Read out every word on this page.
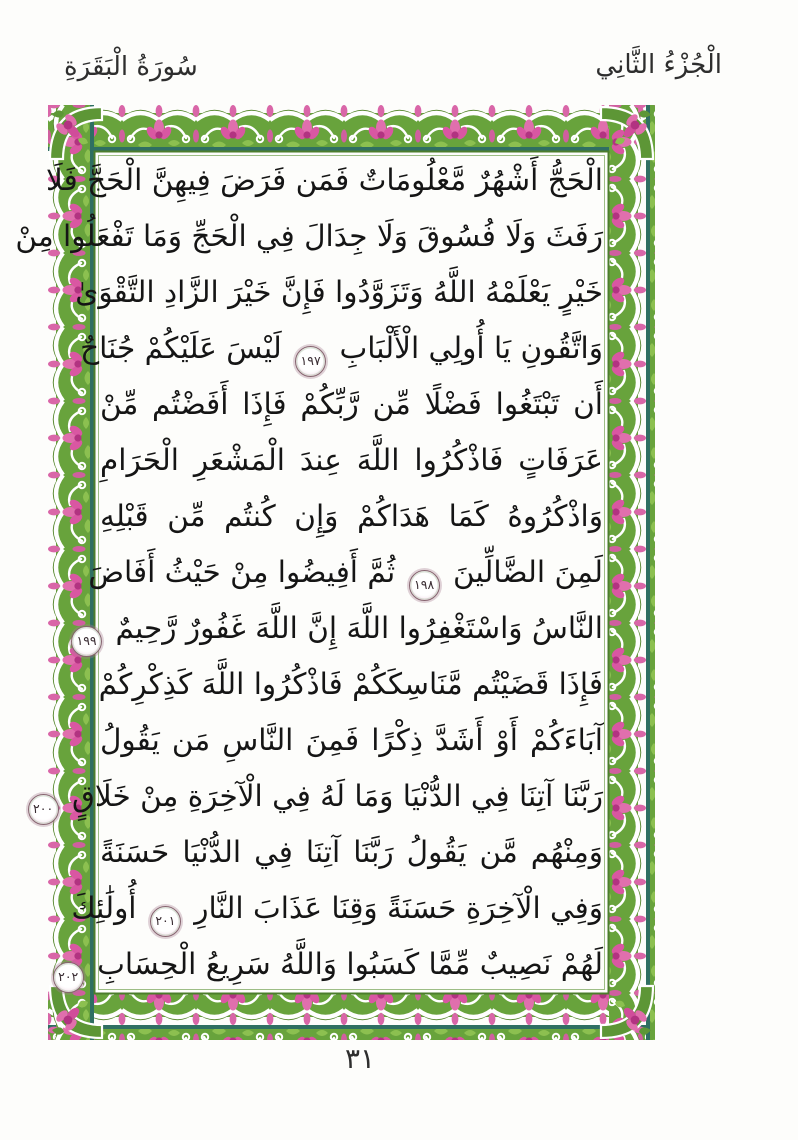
الْجُزْءُ الثَّانِي
سُورَةُ الْبَقَرَةِ
الْحَجُّ أَشْهُرٌ مَّعْلُومَاتٌ فَمَن فَرَضَ فِيهِنَّ الْحَجَّ فَلَا
رَفَثَ وَلَا فُسُوقَ وَلَا جِدَالَ فِي الْحَجِّ وَمَا تَفْعَلُوا مِنْ
خَيْرٍ يَعْلَمْهُ اللَّهُ وَتَزَوَّدُوا فَإِنَّ خَيْرَ الزَّادِ التَّقْوَىٰ
وَاتَّقُونِ يَا أُولِي الْأَلْبَابِ ١٩٧ لَيْسَ عَلَيْكُمْ جُنَاحٌ
أَن تَبْتَغُوا فَضْلًا مِّن رَّبِّكُمْ فَإِذَا أَفَضْتُم مِّنْ
عَرَفَاتٍ فَاذْكُرُوا اللَّهَ عِندَ الْمَشْعَرِ الْحَرَامِ
وَاذْكُرُوهُ كَمَا هَدَاكُمْ وَإِن كُنتُم مِّن قَبْلِهِ
لَمِنَ الضَّالِّينَ ١٩٨ ثُمَّ أَفِيضُوا مِنْ حَيْثُ أَفَاضَ
النَّاسُ وَاسْتَغْفِرُوا اللَّهَ إِنَّ اللَّهَ غَفُورٌ رَّحِيمٌ ١٩٩
فَإِذَا قَضَيْتُم مَّنَاسِكَكُمْ فَاذْكُرُوا اللَّهَ كَذِكْرِكُمْ
آبَاءَكُمْ أَوْ أَشَدَّ ذِكْرًا فَمِنَ النَّاسِ مَن يَقُولُ
رَبَّنَا آتِنَا فِي الدُّنْيَا وَمَا لَهُ فِي الْآخِرَةِ مِنْ خَلَاقٍ ٢٠٠
وَمِنْهُم مَّن يَقُولُ رَبَّنَا آتِنَا فِي الدُّنْيَا حَسَنَةً
وَفِي الْآخِرَةِ حَسَنَةً وَقِنَا عَذَابَ النَّارِ ٢٠١ أُولَٰئِكَ
لَهُمْ نَصِيبٌ مِّمَّا كَسَبُوا وَاللَّهُ سَرِيعُ الْحِسَابِ ٢٠٢
٣١
